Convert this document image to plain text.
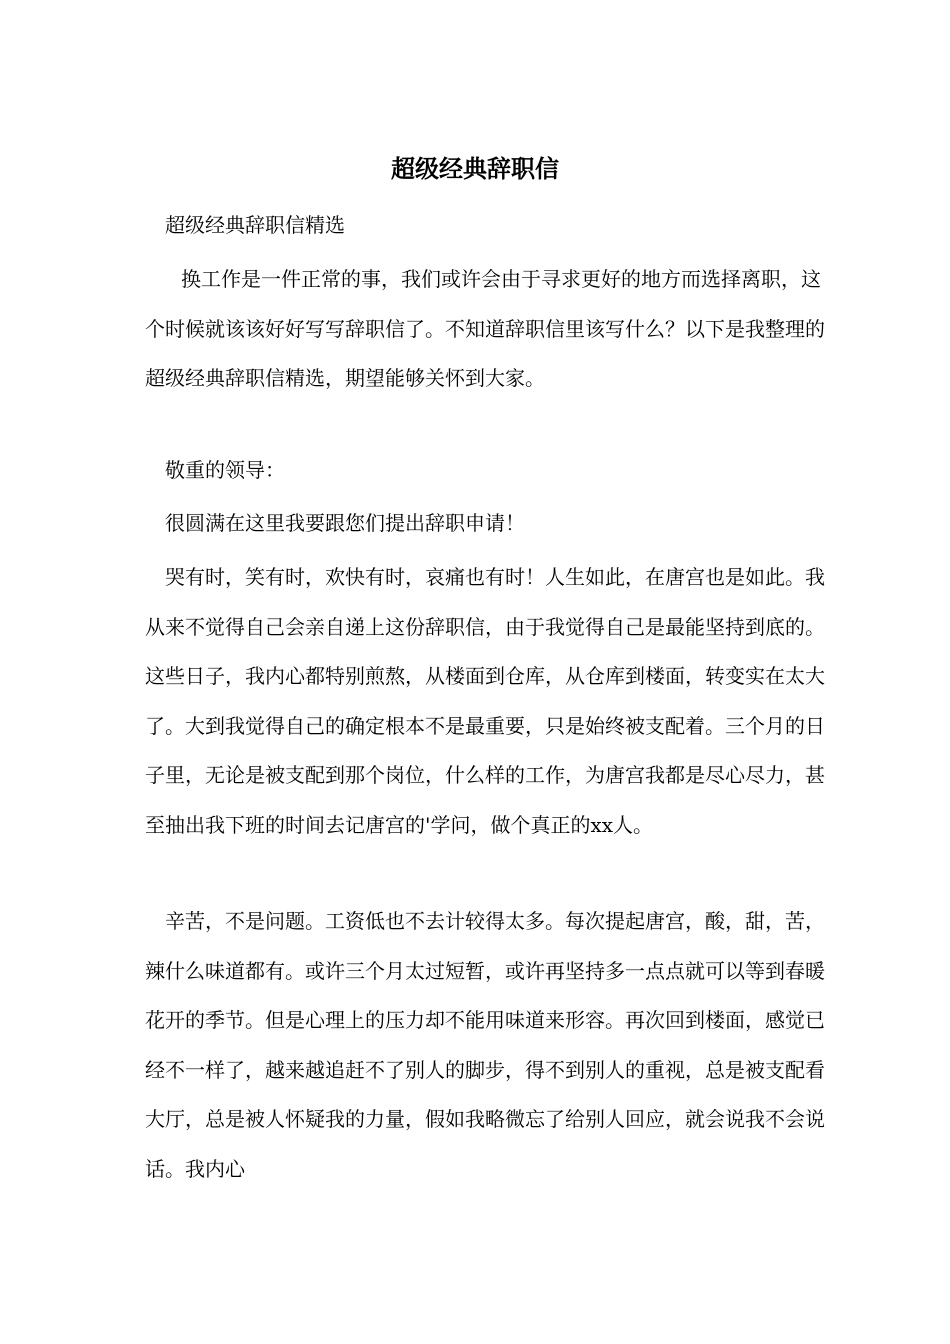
超级经典辞职信

超级经典辞职信精选

换工作是一件正常的事，我们或许会由于寻求更好的地方而选择离职，这个时候就该该好好写写辞职信了。不知道辞职信里该写什么？以下是我整理的超级经典辞职信精选，期望能够关怀到大家。

敬重的领导：

很圆满在这里我要跟您们提出辞职申请！

哭有时，笑有时，欢快有时，哀痛也有时！人生如此，在唐宫也是如此。我从来不觉得自己会亲自递上这份辞职信，由于我觉得自己是最能坚持到底的。这些日子，我内心都特别煎熬，从楼面到仓库，从仓库到楼面，转变实在太大了。大到我觉得自己的确定根本不是最重要，只是始终被支配着。三个月的日子里，无论是被支配到那个岗位，什么样的工作，为唐宫我都是尽心尽力，甚至抽出我下班的时间去记唐宫的'学问，做个真正的xx人。

辛苦，不是问题。工资低也不去计较得太多。每次提起唐宫，酸，甜，苦，辣什么味道都有。或许三个月太过短暂，或许再坚持多一点点就可以等到春暖花开的季节。但是心理上的压力却不能用味道来形容。再次回到楼面，感觉已经不一样了，越来越追赶不了别人的脚步，得不到别人的重视，总是被支配看大厅，总是被人怀疑我的力量，假如我略微忘了给别人回应，就会说我不会说话。我内心
